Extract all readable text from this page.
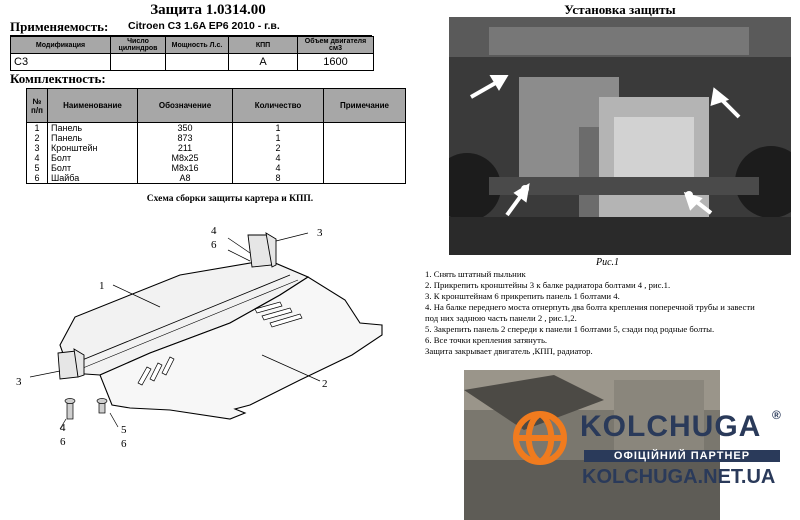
Защита 1.0314.00
Применяемость: Citroen C3 1.6A EP6 2010 - г.в.
Модификация	Число цилиндров	Мощность Л.с.	КПП	Объем двигателя см3
C3			A	1600
Комплектность:
№ п/п	Наименование	Обозначение	Количество	Примечание
1	Панель	350	1	
2	Панель	873	1	
3	Кронштейн	211	2	
4	Болт	M8x25	4	
5	Болт	M8x16	4	
6	Шайба	A8	8	
Схема сборки защиты картера и КПП.
1
2
3
4
6
3
4
6
5
6
Установка защиты
Рис.1
1. Снять штатный пыльник
2. Прикрепить кронштейны 3 к балке радиатора болтами 4 , рис.1.
3. К кронштейнам 6 прикрепить панель 1 болтами 4.
4. На балке переднего моста отнерпуть два болта крепления поперечной трубы и завести
под них заднюю часть панели 2 , рис.1,2.
5. Закрепить панель 2 спереди к панели 1 болтами 5, сзади под родные болты.
6. Все точки крепления затянуть.
Защита закрывает двигатель ,КПП, радиатор.
KOLCHUGA ®
ОФІЦІЙНИЙ ПАРТНЕР
KOLCHUGA.NET.UA
